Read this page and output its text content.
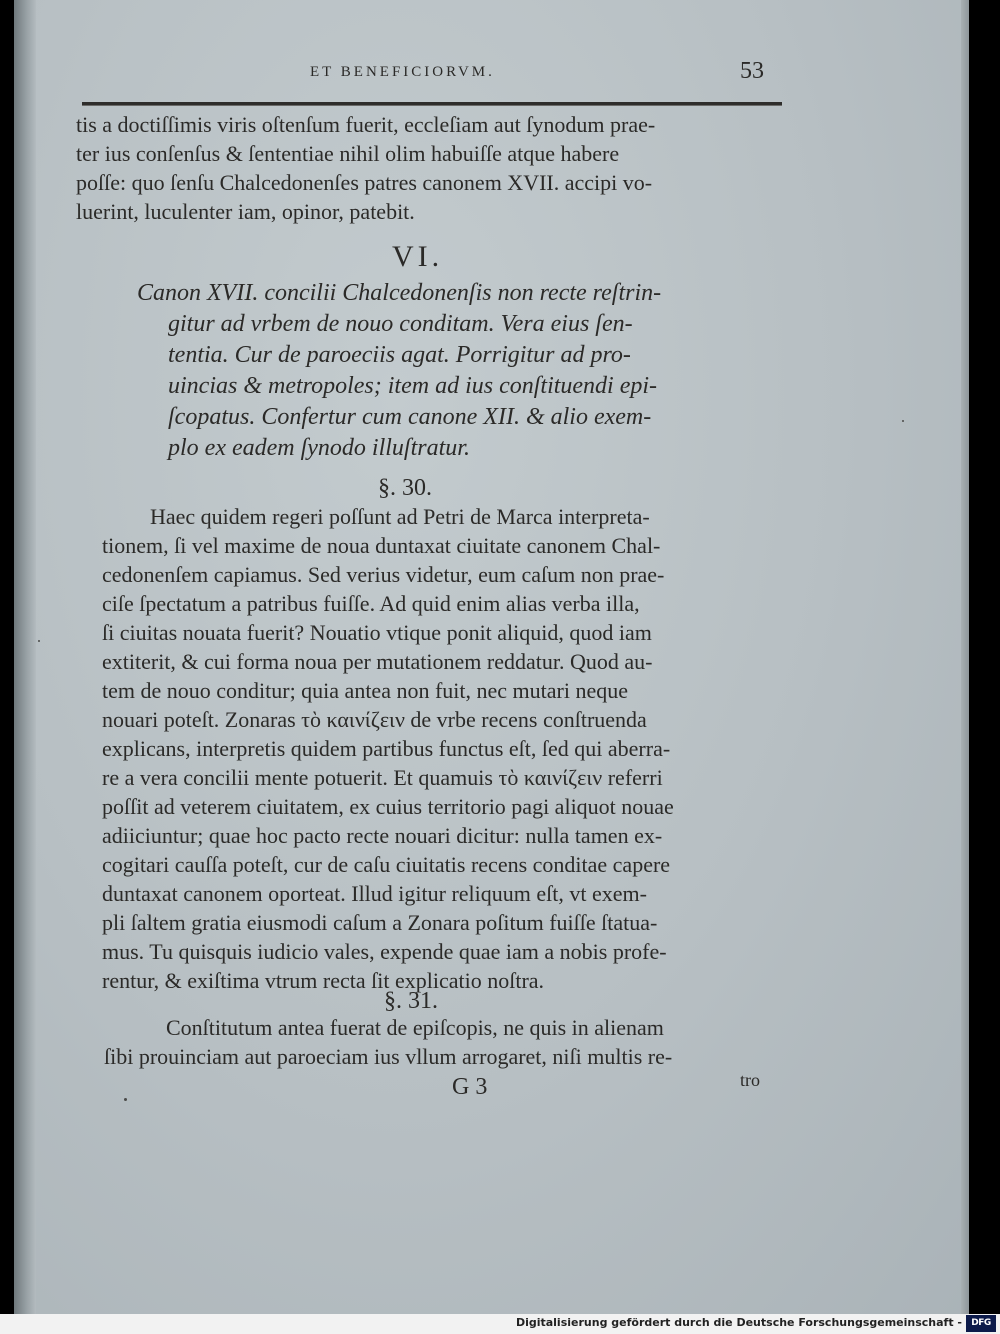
ET BENEFICIORVM.	53
tis a doctiſſimis viris oſtenſum fuerit, eccleſiam aut ſynodum prae-
ter ius conſenſus & ſententiae nihil olim habuiſſe atque habere
poſſe: quo ſenſu Chalcedonenſes patres canonem XVII. accipi vo-
luerint, luculenter iam, opinor, patebit.
VI.
Canon XVII. concilii Chalcedonenſis non recte reſtrin-
gitur ad vrbem de nouo conditam. Vera eius ſen-
tentia. Cur de paroeciis agat. Porrigitur ad pro-
uincias & metropoles; item ad ius conſtituendi epi-
ſcopatus. Confertur cum canone XII. & alio exem-
plo ex eadem ſynodo illuſtratur.
§. 30.
Haec quidem regeri poſſunt ad Petri de Marca interpreta-
tionem, ſi vel maxime de noua duntaxat ciuitate canonem Chal-
cedonenſem capiamus. Sed verius videtur, eum caſum non prae-
ciſe ſpectatum a patribus fuiſſe. Ad quid enim alias verba illa,
ſi ciuitas nouata fuerit? Nouatio vtique ponit aliquid, quod iam
extiterit, & cui forma noua per mutationem reddatur. Quod au-
tem de nouo conditur; quia antea non fuit, nec mutari neque
nouari poteſt. Zonaras τὸ καινίζειν de vrbe recens conſtruenda
explicans, interpretis quidem partibus functus eſt, ſed qui aberra-
re a vera concilii mente potuerit. Et quamuis τὸ καινίζειν referri
poſſit ad veterem ciuitatem, ex cuius territorio pagi aliquot nouae
adiiciuntur; quae hoc pacto recte nouari dicitur: nulla tamen ex-
cogitari cauſſa poteſt, cur de caſu ciuitatis recens conditae capere
duntaxat canonem oporteat. Illud igitur reliquum eſt, vt exem-
pli ſaltem gratia eiusmodi caſum a Zonara poſitum fuiſſe ſtatua-
mus. Tu quisquis iudicio vales, expende quae iam a nobis profe-
rentur, & exiſtima vtrum recta ſit explicatio noſtra.
§. 31.
Conſtitutum antea fuerat de epiſcopis, ne quis in alienam
ſibi prouinciam aut paroeciam ius vllum arrogaret, niſi multis re-
G 3	tro
Digitalisierung gefördert durch die Deutsche Forschungsgemeinschaft -	DFG
